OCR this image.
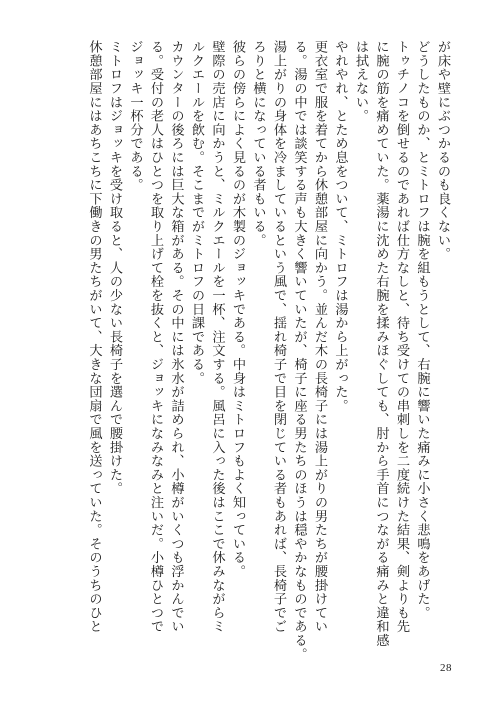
が床や壁にぶつかるのも良くない。
どうしたものか、とミトロフは腕を組もうとして、右腕に響いた痛みに小さく悲鳴をあげた。
トゥチノコを倒せるのであれば仕方なしと、待ち受けての串刺しを二度続けた結果、剣よりも先
に腕の筋を痛めていた。薬湯に沈めた右腕を揉みほぐしても、肘から手首につながる痛みと違和感
は拭えない。
やれやれ、とため息をついて、ミトロフは湯から上がった。
更衣室で服を着てから休憩部屋に向かう。並んだ木の長椅子には湯上がりの男たちが腰掛けてい
る。湯の中では談笑する声も大きく響いていたが、椅子に座る男たちのほうは穏やかなものである。
湯上がりの身体を冷ましているという風で、揺れ椅子で目を閉じている者もあれば、長椅子でご
ろりと横になっている者もいる。
彼らの傍らによく見るのが木製のジョッキである。中身はミトロフもよく知っている。
壁際の売店に向かうと、ミルクエールを一杯、注文する。風呂に入った後はここで休みながらミ
ルクエールを飲む。そこまでがミトロフの日課である。
カウンターの後ろには巨大な箱がある。その中には氷水が詰められ、小樽がいくつも浮かんでい
る。受付の老人はひとつを取り上げて栓を抜くと、ジョッキになみなみと注いだ。小樽ひとつで
ジョッキ一杯分である。
ミトロフはジョッキを受け取ると、人の少ない長椅子を選んで腰掛けた。
休憩部屋にはあちこちに下働きの男たちがいて、大きな団扇で風を送っていた。そのうちのひと
28
